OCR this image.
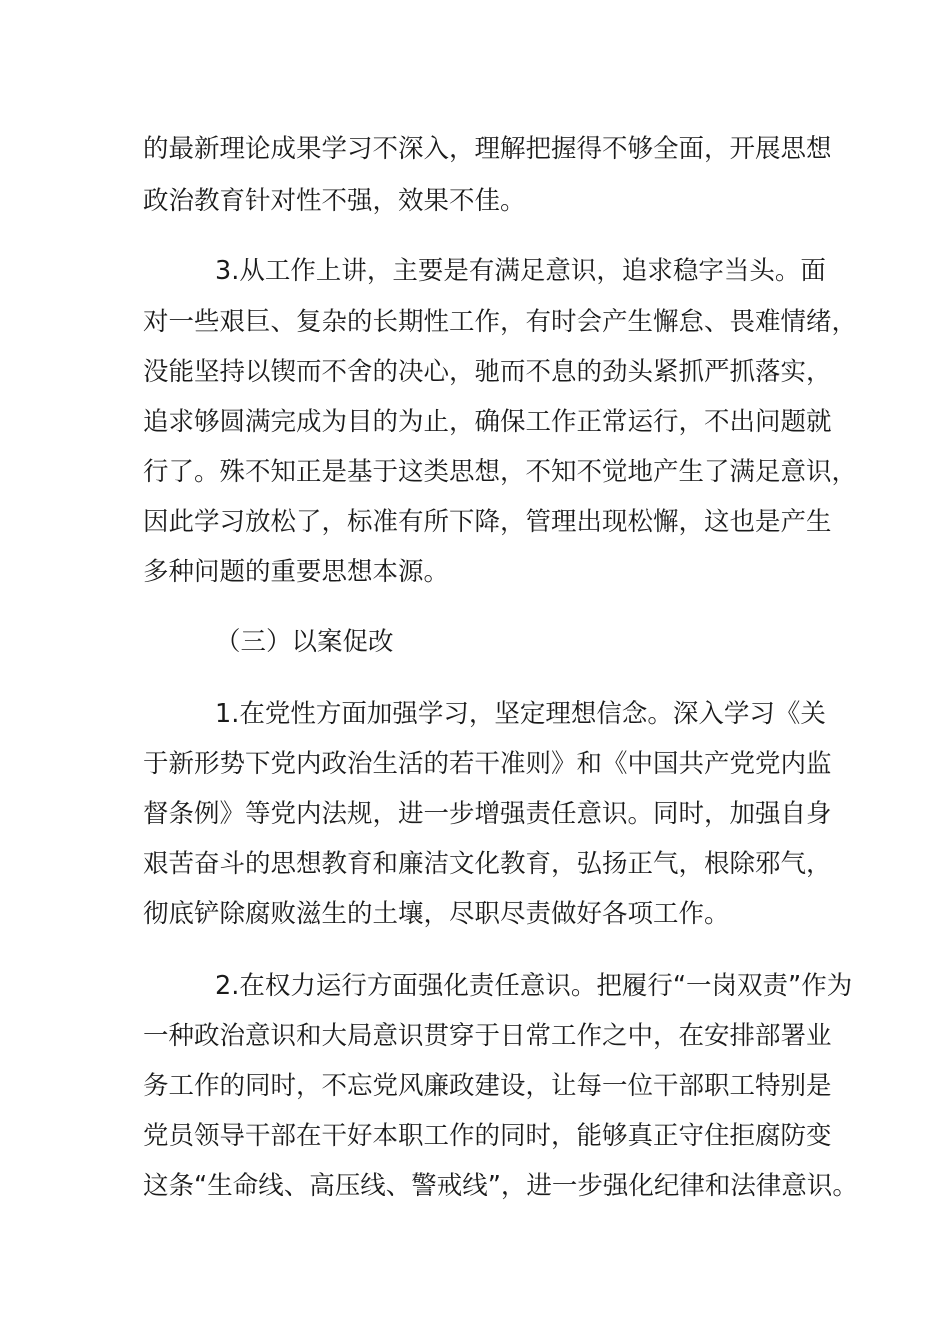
的最新理论成果学习不深入，理解把握得不够全面，开展思想
政治教育针对性不强，效果不佳。
3.从工作上讲，主要是有满足意识，追求稳字当头。面
对一些艰巨、复杂的长期性工作，有时会产生懈怠、畏难情绪，
没能坚持以锲而不舍的决心，驰而不息的劲头紧抓严抓落实，
追求够圆满完成为目的为止，确保工作正常运行，不出问题就
行了。殊不知正是基于这类思想，不知不觉地产生了满足意识，
因此学习放松了，标准有所下降，管理出现松懈，这也是产生
多种问题的重要思想本源。
（三）以案促改
1.在党性方面加强学习，坚定理想信念。深入学习《关
于新形势下党内政治生活的若干准则》和《中国共产党党内监
督条例》等党内法规，进一步增强责任意识。同时，加强自身
艰苦奋斗的思想教育和廉洁文化教育，弘扬正气，根除邪气，
彻底铲除腐败滋生的土壤，尽职尽责做好各项工作。
2.在权力运行方面强化责任意识。把履行“一岗双责”作为
一种政治意识和大局意识贯穿于日常工作之中，在安排部署业
务工作的同时，不忘党风廉政建设，让每一位干部职工特别是
党员领导干部在干好本职工作的同时，能够真正守住拒腐防变
这条“生命线、高压线、警戒线”，进一步强化纪律和法律意识。
